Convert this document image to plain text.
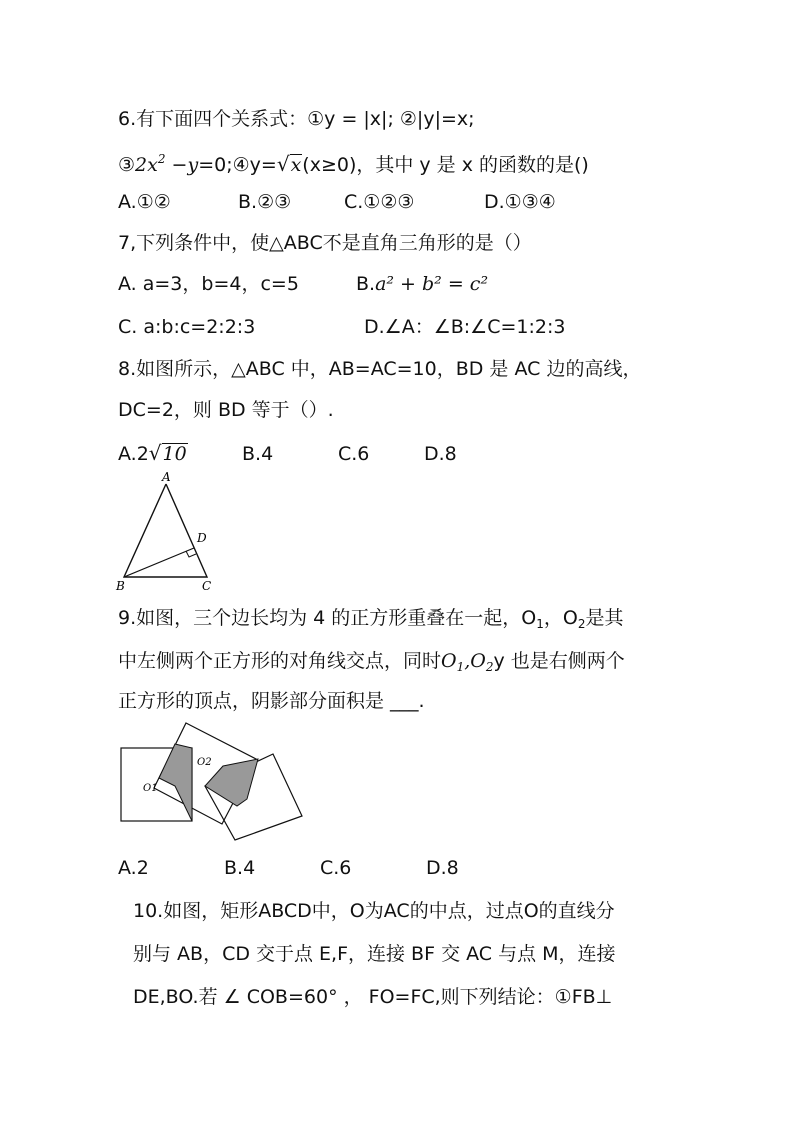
6.有下面四个关系式：①y = |x|; ②|y|=x;
$③2x^2$ −y=0;④y=√x(x≥0)，其中 y 是 x 的函数的是()
A.①②	B.②③	C.①②③	D.①③④
7,下列条件中，使△ABC不是直角三角形的是（）
A. a=3，b=4，c=5	B.a² + b² = c²
C. a:b:c=2:2:3	D.∠A：∠B:∠C=1:2:3
8.如图所示，△ABC 中，AB=AC=10，BD 是 AC 边的高线，
DC=2，则 BD 等于（）.
A.2√10	B.4	C.6	D.8
A
D
B	C
9.如图，三个边长均为 4 的正方形重叠在一起，$O_1$，$O_2$是其
中左侧两个正方形的对角线交点，同时$O_1,O_2y$ 也是右侧两个
正方形的顶点，阴影部分面积是 ___.
O1
O2
A.2	B.4	C.6	D.8
10.如图，矩形ABCD中，O为AC的中点，过点O的直线分
别与 AB，CD 交于点 E,F，连接 BF 交 AC 与点 M，连接
DE,BO.若 ∠ COB=60° ， FO=FC,则下列结论：①FB⊥
